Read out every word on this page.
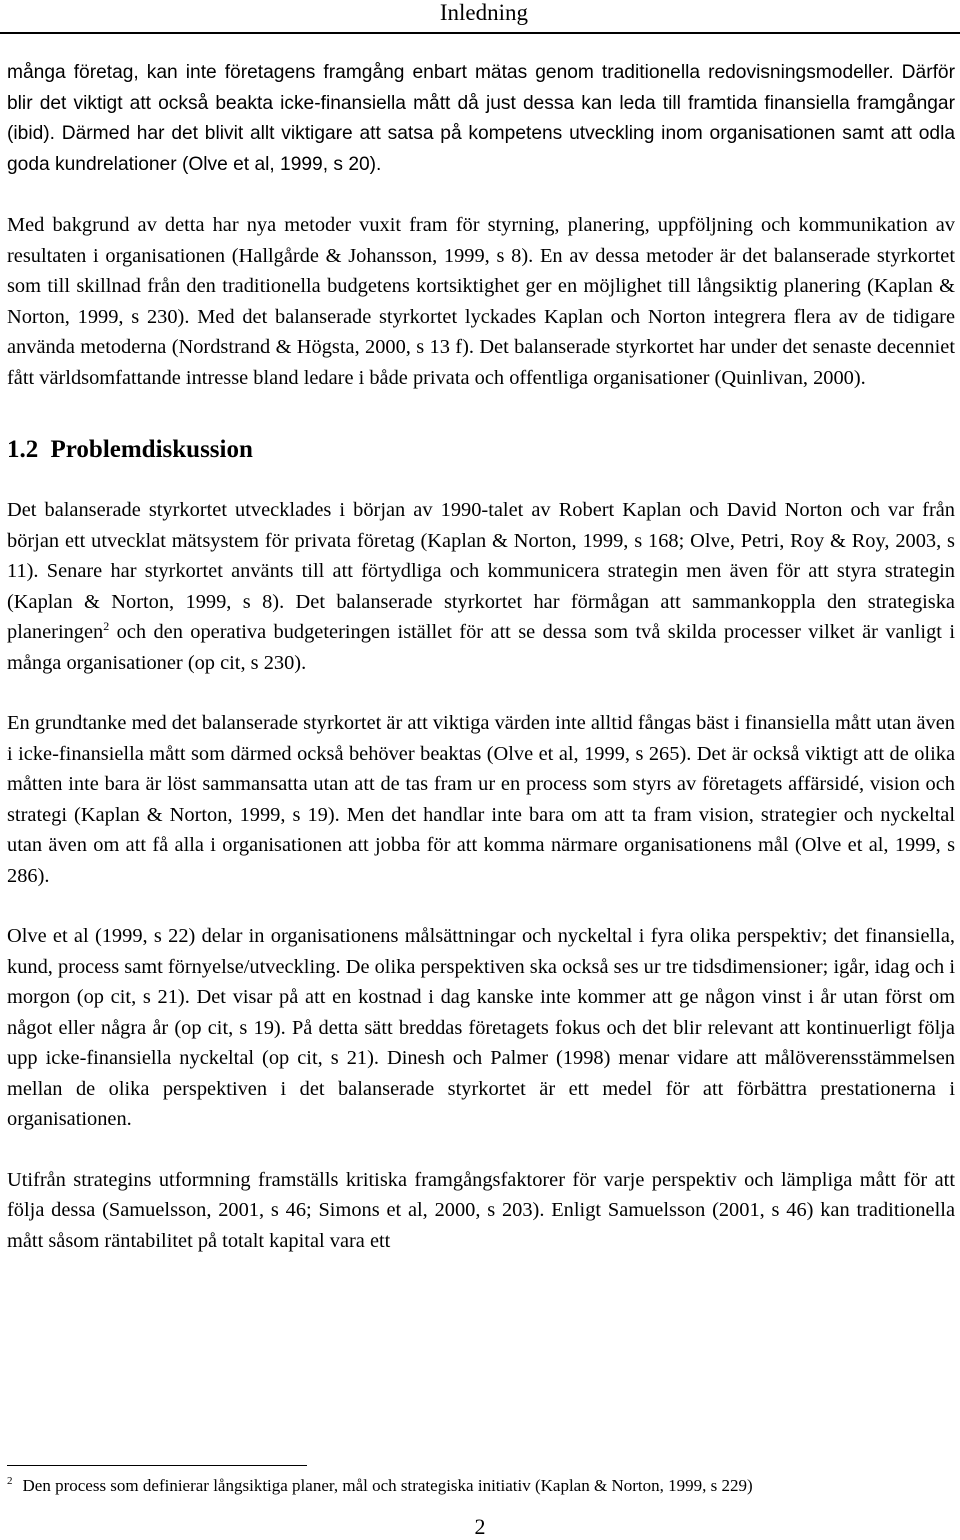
Inledning

många företag, kan inte företagens framgång enbart mätas genom traditionella redovisningsmodeller. Därför blir det viktigt att också beakta icke-finansiella mått då just dessa kan leda till framtida finansiella framgångar (ibid). Därmed har det blivit allt viktigare att satsa på kompetens utveckling inom organisationen samt att odla goda kundrelationer (Olve et al, 1999, s 20).

Med bakgrund av detta har nya metoder vuxit fram för styrning, planering, uppföljning och kommunikation av resultaten i organisationen (Hallgårde & Johansson, 1999, s 8). En av dessa metoder är det balanserade styrkortet som till skillnad från den traditionella budgetens kortsiktighet ger en möjlighet till långsiktig planering (Kaplan & Norton, 1999, s 230). Med det balanserade styrkortet lyckades Kaplan och Norton integrera flera av de tidigare använda metoderna (Nordstrand & Högsta, 2000, s 13 f). Det balanserade styrkortet har under det senaste decenniet fått världsomfattande intresse bland ledare i både privata och offentliga organisationer (Quinlivan, 2000).

1.2 Problemdiskussion

Det balanserade styrkortet utvecklades i början av 1990-talet av Robert Kaplan och David Norton och var från början ett utvecklat mätsystem för privata företag (Kaplan & Norton, 1999, s 168; Olve, Petri, Roy & Roy, 2003, s 11). Senare har styrkortet använts till att förtydliga och kommunicera strategin men även för att styra strategin (Kaplan & Norton, 1999, s 8). Det balanserade styrkortet har förmågan att sammankoppla den strategiska planeringen$^2$ och den operativa budgeteringen istället för att se dessa som två skilda processer vilket är vanligt i många organisationer (op cit, s 230).

En grundtanke med det balanserade styrkortet är att viktiga värden inte alltid fångas bäst i finansiella mått utan även i icke-finansiella mått som därmed också behöver beaktas (Olve et al, 1999, s 265). Det är också viktigt att de olika måtten inte bara är löst sammansatta utan att de tas fram ur en process som styrs av företagets affärsidé, vision och strategi (Kaplan & Norton, 1999, s 19). Men det handlar inte bara om att ta fram vision, strategier och nyckeltal utan även om att få alla i organisationen att jobba för att komma närmare organisationens mål (Olve et al, 1999, s 286).

Olve et al (1999, s 22) delar in organisationens målsättningar och nyckeltal i fyra olika perspektiv; det finansiella, kund, process samt förnyelse/utveckling. De olika perspektiven ska också ses ur tre tidsdimensioner; igår, idag och i morgon (op cit, s 21). Det visar på att en kostnad i dag kanske inte kommer att ge någon vinst i år utan först om något eller några år (op cit, s 19). På detta sätt breddas företagets fokus och det blir relevant att kontinuerligt följa upp icke-finansiella nyckeltal (op cit, s 21). Dinesh och Palmer (1998) menar vidare att målöverensstämmelsen mellan de olika perspektiven i det balanserade styrkortet är ett medel för att förbättra prestationerna i organisationen.

Utifrån strategins utformning framställs kritiska framgångsfaktorer för varje perspektiv och lämpliga mått för att följa dessa (Samuelsson, 2001, s 46; Simons et al, 2000, s 203). Enligt Samuelsson (2001, s 46) kan traditionella mått såsom räntabilitet på totalt kapital vara ett

$^2$ Den process som definierar långsiktiga planer, mål och strategiska initiativ (Kaplan & Norton, 1999, s 229)
2
